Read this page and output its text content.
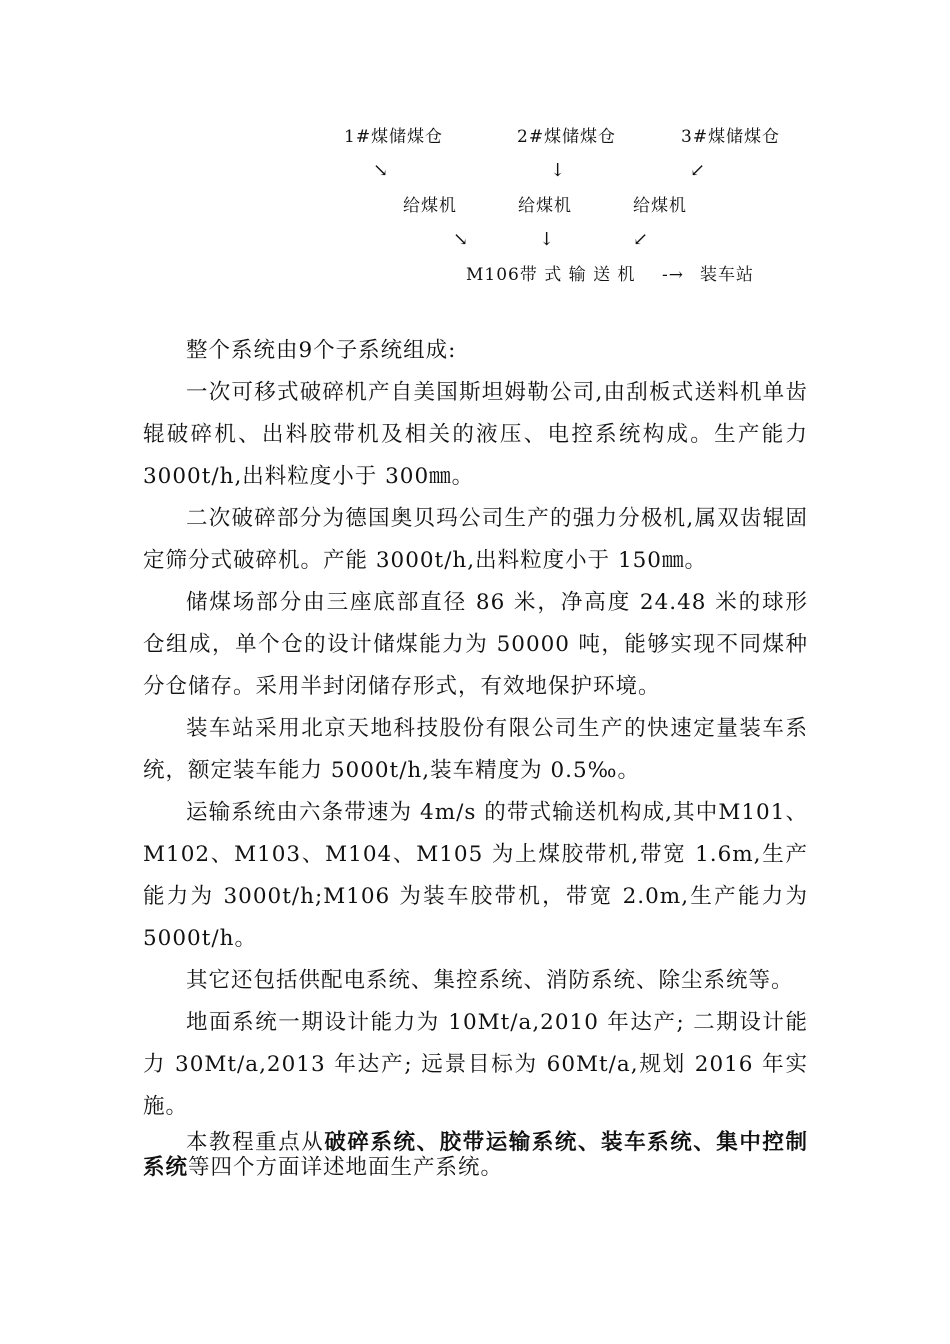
1#煤储煤仓	2#煤储煤仓	3#煤储煤仓
↘	↓	↙
给煤机	给煤机	给煤机
↘	↓	↙
M106带 式 输 送 机 -→ 装车站

整个系统由9个子系统组成:

一次可移式破碎机产自美国斯坦姆勒公司,由刮板式送料机单齿辊破碎机、出料胶带机及相关的液压、电控系统构成。生产能力 3000t/h,出料粒度小于 300㎜。

二次破碎部分为德国奥贝玛公司生产的强力分极机,属双齿辊固定筛分式破碎机。产能 3000t/h,出料粒度小于 150㎜。

储煤场部分由三座底部直径 86 米，净高度 24.48 米的球形仓组成，单个仓的设计储煤能力为 50000 吨，能够实现不同煤种分仓储存。采用半封闭储存形式，有效地保护环境。

装车站采用北京天地科技股份有限公司生产的快速定量装车系统，额定装车能力 5000t/h,装车精度为 0.5‰。

运输系统由六条带速为 4m/s 的带式输送机构成,其中M101、M102、M103、M104、M105 为上煤胶带机,带宽 1.6m,生产能力为 3000t/h;M106 为装车胶带机，带宽 2.0m,生产能力为 5000t/h。

其它还包括供配电系统、集控系统、消防系统、除尘系统等。

地面系统一期设计能力为 10Mt/a,2010 年达产; 二期设计能力 30Mt/a,2013 年达产; 远景目标为 60Mt/a,规划 2016 年实施。

本教程重点从破碎系统、胶带运输系统、装车系统、集中控制系统等四个方面详述地面生产系统。
